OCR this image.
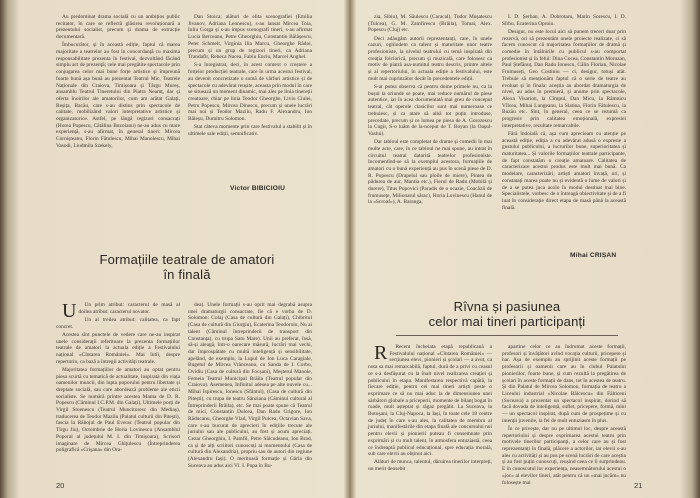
Au predominat drama socială cu un ambițios public recitator, în care se reflectă glăsirea revoluționară a prezentului socialist, precum și drama de extracție documentară.

Îmbucurător, și în această ediție, faptul că marea majoritate a teatrelor au fost în concordanță cu maxima responsabilitate prezenta în festival, dezvoltând făcând simplu act de prezență; cele mai pregătite spectacole prin conjugarea celor mai bune forțe artistice și împreună foarte bună așa bună au prezentat Teatrul Mic, Teatrele Naționale din Craiova, Timișoara și Târgu Mureș, ansamblu Teatrul Tineretului din Piatra Neamț, dar și oferta înoirilor ale amatorilor, cum am arătat Galați, Reșița, Bacău, care s-au distins prin spectacole de calitate, mobilizând valori interpretative artistice și organizatorice. Astfel, pe lângă regizori consacrați (Horea Popescu, Cătălina Buzoianu) ne-au adus cu mare experiență, s-au afirmat, în general tineri: Mircea Cornișteanu, Florin Fătulescu, Mihai Manolescu, Mihai Vasodi, Liudmila Szekely,

Dan Stoica; alături de elita scenografiei (Emilia Jivanov, Adriana Leonescu), s-au lansat Mircea Toia, Iuliu Gorga și s-au impus scenografi tineri, s-au afirmat Lucia Berceanu, Petre Gheorghiu, Constantin Bălășescu, Peter Schmelt, Virginia Ilia Marcu, Gheorghe Rădoi, precum și un grup de regizori tineri, ca Adriana Trandafir, Rebeca Nacea, Fabiu Enciu, Marcel Anghel.

S-a înregistrat, deci, în acest context o creștere a forțelor producției teatrale, care în urma acestui festival, au devenit concretizate o sumă de vârfuri artistice și de spectacole cu adevărat reușite, aceasta prin modul în care se situează un moment dinamic, mai ales pe linia tinereții creatoare, chiar pe linia Teodor Gheorghe, Liviu Ciulei, Petru Popescu, Mircea Dinescu, precum și unele lucrări mai noi și Teodor Mazilu, Radu F. Alexandru, Ion Băieșu, Dumitru Solomon.

Stat câteva momente prin care festivalul a stabilit și în ultimele sale ediții, semnificativ.

Victor BIBICIOIU
Formațiile teatrale de amatori
în finală

U Un prim atribut: caracterul de masă al doilea atribut: caracterul novator.

Un al treilea atribut: calitatea, ca fapt concret.

Acestea sînt punctele de vedere care ne-au inspirat unele considerații referitoare la prezenta formațiilor teatrale de amatori la actuala ediție a Festivalului național «Cîntarea României». Mai întîi, despre repertoriu, ca bază a întregii activități teatrale.

Majoritatea formațiilor de amatori au optat pentru piesa scurtă cu tematică de actualitate, inspirată din viața oamenilor muncii, din lupta poporului pentru libertate și dreptate socială, sau care abordează probleme ale eticii socialiste. Se numără printre acestea Mama de D. R. Popescu (Căminul I.C.P.M. din Galați), Ultimele porți de Virgil Stoenescu (Teatrul Muncitoresc din Mediaș), traducerea de Teodor Mazilu (Palatul culturii din Pitești), fascia la Răbojul de Paul Everac (Teatrul popular din Tîrgu Jiu), Octombrie de Horia Lovinescu (Ansamblul Poporal al județului M. I. din Timișoara), Scrisori imaginare de Mircea Ghiţulescu (Întreprinderea poligrafică «Crişana» din Ora-

dea). Unele formații s-au oprit mai degrabă asupra unei dramaturgii consacrate, fie că e vorba de D. Solomon: Colaj (Casa de cultură din Galați), Chibritul (Casa de cultură din Giurgiu), Ecaterina Teodoroiu, Nu ai talent (Căminul întreprinderii de transport din Constanța), cu trupa Satu Mare). Unii au preferat, însă, să-și aleagă, într-o oarecare măsură, lucrări mai vechi, dar împrospătate cu multă inteligență și sensibilitate, apelând, de exemplu, la Lupul de Ion Luca Caragiale, Bugetul de Mircea Vrânceanu, cu Sanda de I. Corbu, Ovidiu (Casa de cultură din Focșani), Meșterul Manole, Femeia Teatrul Municipal Brăila (Teatrul popular din Craiova). Asemenea, Infinitul adesea pe alte nuvele cu... Mihai Ispirescu, Ionescu (Sfântul), (Casa de cultură din Pitești), cu trupa de teatru Sânziana (Căminul cultural al Întreprinderii Brăila), etc. Se mai poate spune că Teatrul de mici, Constantin Dulcea, Dan Radu Grigore, Ion Răducanu, Gheorghe Vlad, Virgil Puicea, Octavian Sava, care s-au bucurat de aprecieri în edițiile trecute ale juriului sau ale publicului, au fost și acum apreciați. Cezar Gheorghiu, I. Pamfil, Petre Sălcudeanu, Ion Brad, ca și de alți scriitori cunoscuți ai momentului (Casa de cultură din Alexandria), propriu sau de autori din regiune (Alexandru Iași). O meritoasă formație și Gârla din Suceava au adus aici Vl. I. Popa în Bu-

20

zia, Sibiu), M. Săulescu (Caracal), Tudor Mușatescu (Tulcea), G. M. Zamfirescu (Brăila), Tomai, Alex. Popescu (Cluj) etc.

Deci adăugăm autorii reprezentanți, care, în unele cazuri, ogliindem ca talent și maturitate unor teatre profesioniste, la nivelul teatrului cu temă inspirată din creația folclorică, precum și muzicală, care folosesc ca motiv de piatră asa-numitul teatru descris, printre altele și al repertoriului, în actuala ediție a festivalului, este mult mai cuprinzător decât în precedentele ediții.

S-ar putea observa că pentru doine primele nu, ca la bușul la oriunde se poate, mai reduce numărul de piese autentice, iar în acea documentată mai greu de conceput teatral, cât operele clasicilor sunt mai numeroase ce trebuiesc, și ca atare să aibă tot puțin introduse, precedate, precum și ce lumea pe piesa de A. Gorozescu la Cugir, S-o luăm de la-nceput de T. Boyan (la Oașul-Vaslui).

Dar tabloul este completat de drame și comedii în mai multe acte, care, în ce tabloul ne mai spune, au intrat în circuitul teatral datorită teatrelor profesioniste. Incomentînd-se să la exemplul acestora, formațiile de amatori cu o bună experiență au pus în scenă piese de D. R. Popescu (Drapelul sau ploile de miere), Pintea de pădurea de aur, Mantia etc.), Fierul de Radu (Mobilă și durere), Titus Popovici (Paradis de o ocazie, Coacăzii de frumusețe, Milionarul sărac), Horia Lovinescu (Hanul de la «Scroaf»), A. Baranga,

I. D. Șerban, A. Dobrotaru, Marin Sorescu, I. D. Sîrbu, Ecaterina Oproiu.

Desigur, nu este locul aici să punem treceri doar prin rezervă, ori să prezentăm unele proiecte realizate, ci să facem cunoscut că majoritatea formațiilor de dramă și comedie în întâlnirile cu publicul s-au comportat profesionist și în felul: Dina Cocea, Constantin Moruzan, Paul Ștefănuț, Dan Radu Ionescu, Călin Florian, Nicolae Frumuseți, Geo Costiniu — ci, desigur, totuși atât. Trebuie să menționăm faptul că o serie de teatre au evoluat și în finala: aceștia au abordat dramaturgia de nivel, au adus în premieră, și anume prin spectacole, Alexa Visarion, la Cîmpul, Dan Micu, la Râmnicu Vîlcea, Mihai Lungeanu, la Slatina, Florin Fătulescu, la Buzău etc. Sînt, în general, ceea ce se rezumă ca progresiv prin calitatea emoțională, expresiei interpretative, rezultate remarcabile.

Fără îndoială că, așa cum aprecieam cu atenție pe această ediție, ediția a cu adevărat adusă o expresie a gustului publicului, a lucrurilor bune, superioritatea și maturitatea... Și valorile formațiilor teatrale participante, de fapt constatăm o creație amatoare. Calitatea de caracterizare acestui produs este mult mai bună. Ca modelare, caracterizări, artiști amatori învață, ori, și constatați marea poate nu și evidentă o lume de valori și de a se putea juca acolo în modul destinat mai bine. Specialistele, vorbesc de o întreagă obiectivitate și de a fi luat în considerație direct etapa de masă până la această finală.

Mihai CRIȘAN
Rîvna și pasiunea
celor mai tineri participanți

R Recent încheiata etapă republicană a Festivalului național «Cîntarea României» — secțiunea elevi, pionieri și școlari — a avut, ca nota sa mai remarcabilă, faptul, dură de a privi cu ceasul ce s-a desfășurat cu la înalt nivel realizarea creației și publicului în etapa. Manifestarea respectivă capătă, la fiecare ediție, pentru cei mai tineri artiști peste o exprimare ce să nu mai aduc la de dimensiunea unei sărbători globale a priceperii, momente de bilanț bogat în roade, mult așteptat și răgaz pregătit. La Suceava, la Botoșani, la Cluj-Napoca, la Iași, în toate cele 18 centre de județ în care s-au ales, la calitatea de membru al juriului, manifestările din etapa finală ale concursului noi pentru elevii și pionierii puteau fi consemnate prin exprimări și cu mult talent, în atmosfera entuziastă, ceea ce îndreaptă publicul educațional, spre educația morală, sub care elevii au obținut aici.

Alături de munca, talentul, dăruirea tinerilor interpreți, un merit deosebit

apartine celor ce au îndrumat aceste formații, profesori și învățători avînd vocația culturii, pricepere și har. Așa de exemplu au sprijinit aceste formații pe profesorii și oamenii care au în clubul Palatului pionierilor, foarte bune, și cum rezultă la pregătirea de școlari în aceste formații de dans, tot în acestea de teatru. Și din Palatul de Mircea Solomon, formația de teatru a Liceului industrial «Nicolae Bălcescu» din Fălticeni (Suceava) a prezentat un spectacol inspirat, dorind să facă dovada de inteligență, suflet, pricepere, formă, mini — un spectacol inspirat, după cum de prospețime și cu intenții juvenile, la fel de mult entuziasm în plus.

În ce privește, dar nu pe ultimul loc, despre această repertoriului și despre exprimarea acestui teatru prin motivele tinerilor participanți, a celor care au și fost reprezentanți în finală, plăcere a actorilor, iar elevii s-au ales cu activități și au pus pe scenă lucrări de care aceștia și au fost puțin cunoscuți, reușind ceea ce îi surprindeau. E în cunoscutul lor experiența, neasemnătorului acestui o «joc» al elevilor tineri, atât pentru că un «mai jucăm» nu folosește mai	21
